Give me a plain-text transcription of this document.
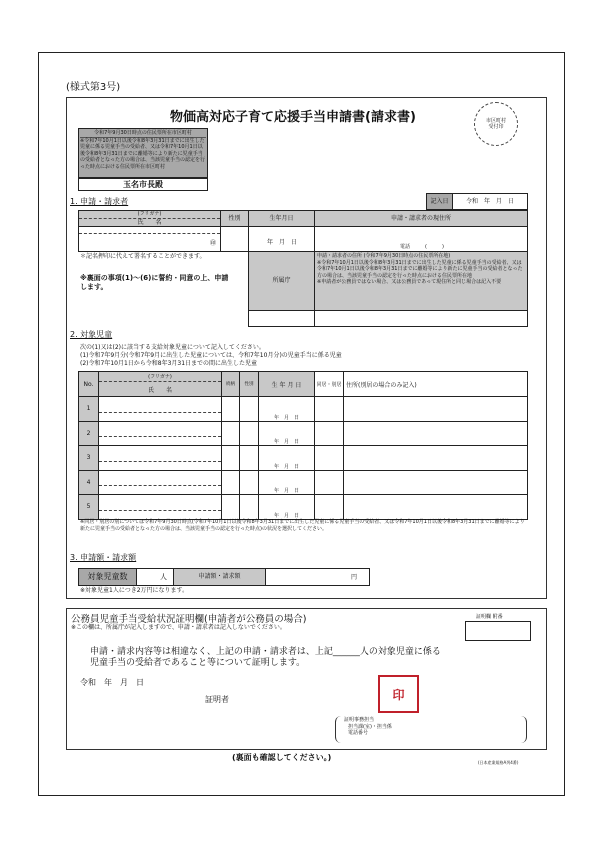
(様式第3号)
物価高対応子育て応援手当申請書(請求書)	市区町村
受付印
令和7年9月30日時点の住民票所在市区町村
※令和7年10月1日以後令和8年3月31日までに出生した児童に係る児童手当の受給者、又は令和7年10月1日以後令和8年3月31日までに離婚等により新たに児童手当の受給者となった方の場合は、当該児童手当の認定を行った時点における住民票所在市区町村
玉名市長殿
1. 申請・請求者	記入日	令和　年　月　日
(フリガナ)
氏　　名
性別	生年月日	申請・請求者の現住所
㊞	年　月　日
電話　　　(　　　)
＊記名押印に代えて署名することができます。
※裏面の事項(1)〜(6)に誓約・同意の上、申請します。
所属庁
申請・請求者の住所 (令和7年9月30日時点の住民票所在地)
※令和7年10月1日以後令和8年3月31日までに出生した児童に係る児童手当の受給者、又は令和7年10月1日以後令和8年3月31日までに離婚等により新たに児童手当の受給者となった方の場合は、当該児童手当の認定を行った時点における住民票所在地
※申請者が公務員ではない場合、又は公務員であって現住所と同じ場合は記入不要
2. 対象児童
次の(1)又は(2)に該当する支給対象児童について記入してください。
(1)令和7年9月分(令和7年9月に出生した児童については、令和7年10月分)の児童手当に係る児童
(2)令和7年10月1日から令和8年3月31日までの間に出生した児童
No.	(フリガナ)
氏　　名	続柄	性別	生 年 月 日	同居・別居	住所(別居の場合のみ記入)
1				年　月　日		
2				年　月　日		
3				年　月　日		
4				年　月　日		
5				年　月　日		
※同居・別居の別については令和7年9月30日時点(令和7年10月1日以後令和8年3月31日までに出生した児童に係る児童手当の受給者、又は令和7年10月1日以後令和8年3月31日までに離婚等により新たに児童手当の受給者となった方の場合は、当該児童手当の認定を行った時点)の状況を選択してください。
3. 申請額・請求額
対象児童数	人	申請額・請求額	円
※対象児童1人につき2万円になります。
公務員児童手当受給状況証明欄(申請者が公務員の場合)
※この欄は、所属庁が記入しますので、申請・請求者は記入しないでください。
証明欄 附番
申請・請求内容等は相違なく、上記の申請・請求者は、上記______人の対象児童に係る
児童手当の受給者であること等について証明します。
令和　年　月　日
証明者	印
証明事務担当
担当課(室)・担当係
電話番号
(裏面も確認してください。)
(日本産業規格A列4番)
